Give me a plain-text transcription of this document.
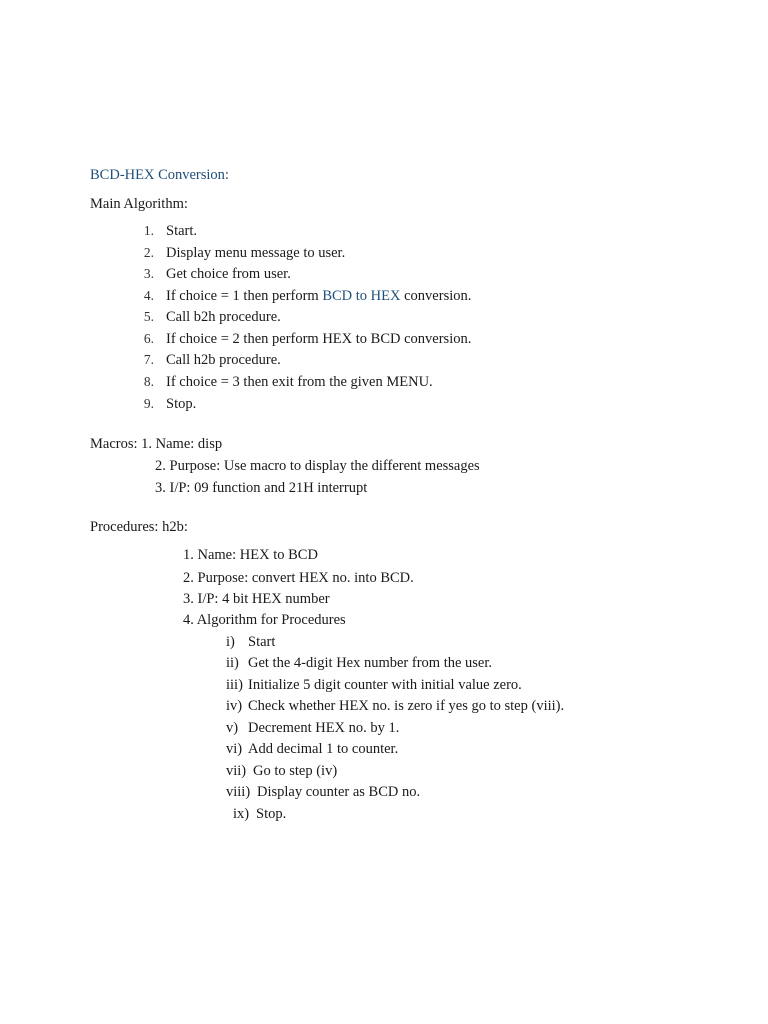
BCD-HEX Conversion:
Main Algorithm:
1. Start.
2. Display menu message to user.
3. Get choice from user.
4. If choice = 1 then perform BCD to HEX conversion.
5. Call b2h procedure.
6. If choice = 2 then perform HEX to BCD conversion.
7. Call h2b procedure.
8. If choice = 3 then exit from the given MENU.
9. Stop.
Macros: 1. Name: disp
2. Purpose: Use macro to display the different messages
3. I/P: 09 function and 21H interrupt
Procedures: h2b:
1. Name: HEX to BCD
2. Purpose: convert HEX no. into BCD.
3. I/P: 4 bit HEX number
4. Algorithm for Procedures
i) Start
ii) Get the 4-digit Hex number from the user.
iii) Initialize 5 digit counter with initial value zero.
iv) Check whether HEX no. is zero if yes go to step (viii).
v) Decrement HEX no. by 1.
vi) Add decimal 1 to counter.
vii) Go to step (iv)
viii) Display counter as BCD no.
ix) Stop.
